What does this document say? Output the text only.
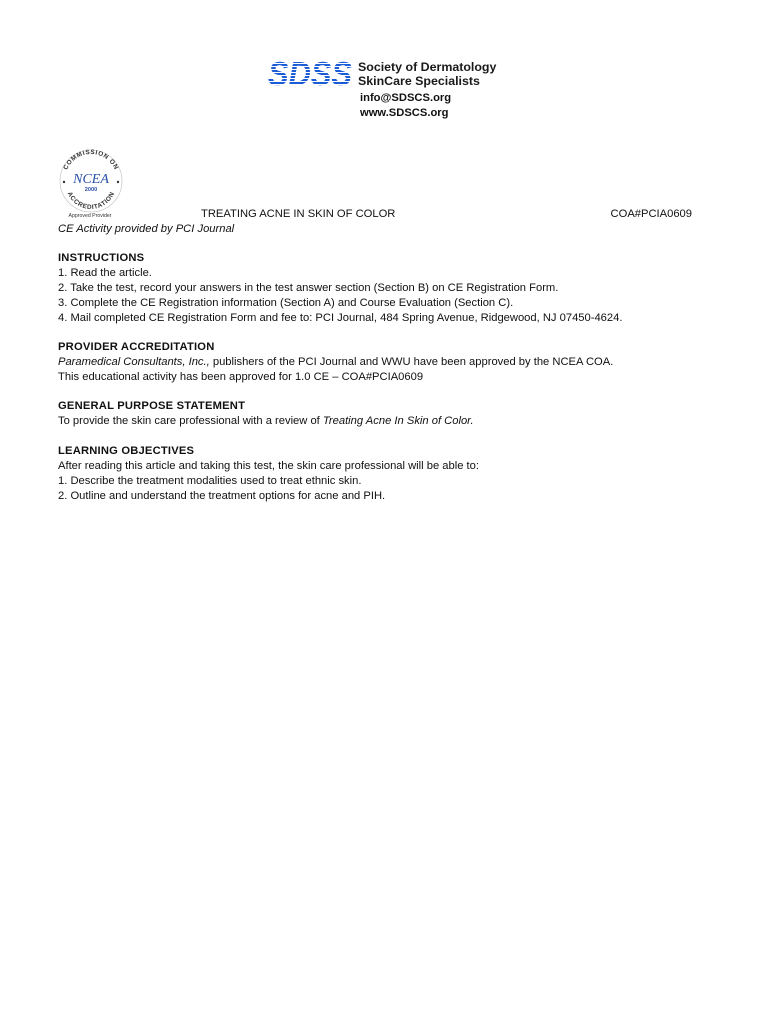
SDSS Society of Dermatology
SkinCare Specialists
info@SDSCS.org
www.SDSCS.org
COMMISSION ON
ACCREDITATION
NCEA
2000
Approved Provider	TREATING ACNE IN SKIN OF COLOR	COA#PCIA0609
CE Activity provided by PCI Journal
INSTRUCTIONS
1. Read the article.
2. Take the test, record your answers in the test answer section (Section B) on CE Registration Form.
3. Complete the CE Registration information (Section A) and Course Evaluation (Section C).
4. Mail completed CE Registration Form and fee to: PCI Journal, 484 Spring Avenue, Ridgewood, NJ 07450-4624.
PROVIDER ACCREDITATION
Paramedical Consultants, Inc., publishers of the PCI Journal and WWU have been approved by the NCEA COA.
This educational activity has been approved for 1.0 CE – COA#PCIA0609
GENERAL PURPOSE STATEMENT
To provide the skin care professional with a review of Treating Acne In Skin of Color.
LEARNING OBJECTIVES
After reading this article and taking this test, the skin care professional will be able to:
1. Describe the treatment modalities used to treat ethnic skin.
2. Outline and understand the treatment options for acne and PIH.
